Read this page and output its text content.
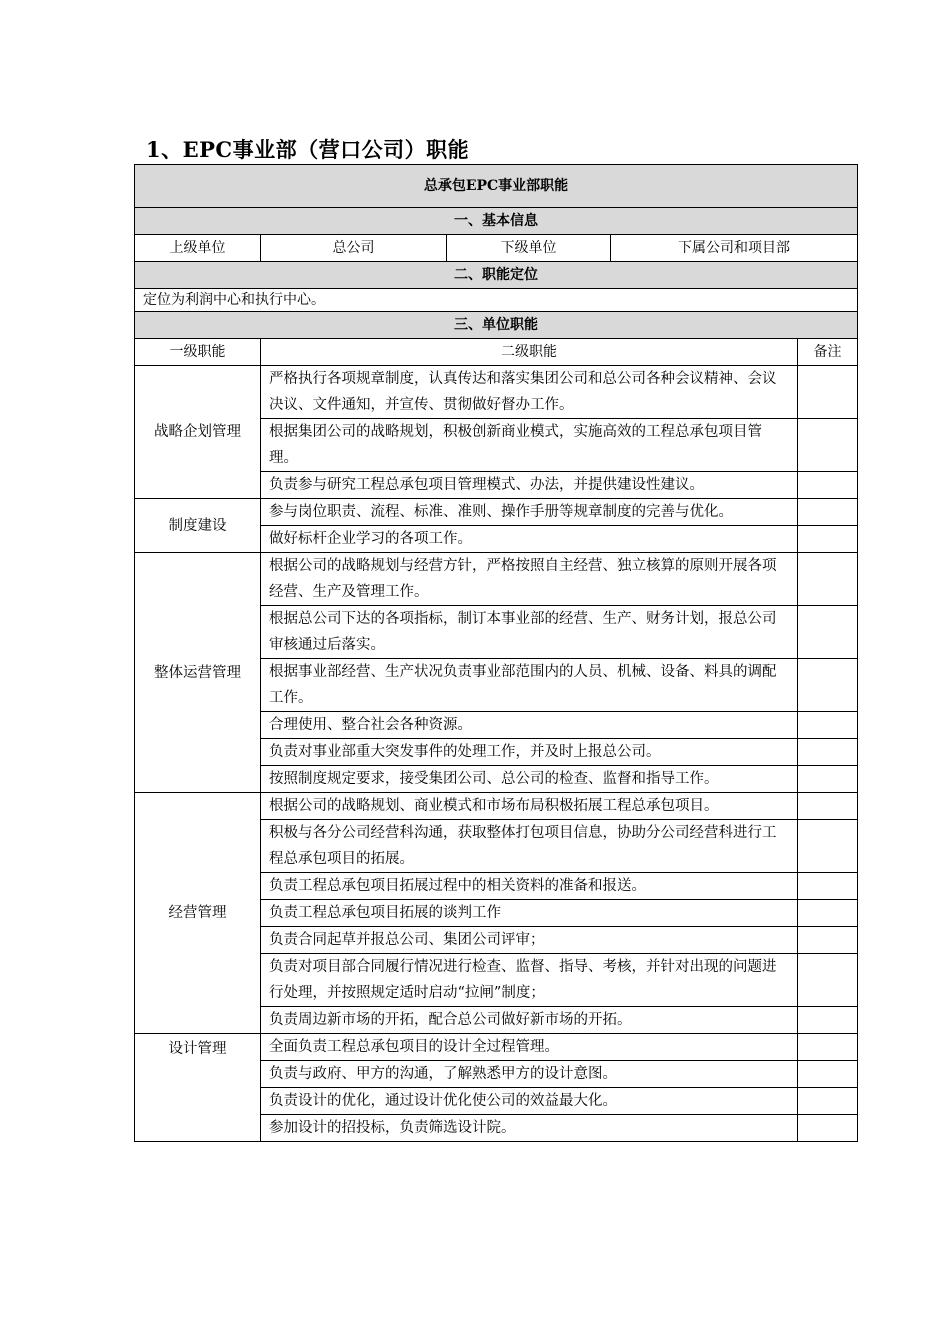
1、EPC事业部（营口公司）职能
总承包EPC事业部职能				
一、基本信息				
上级单位	总公司	下级单位	下属公司和项目部	
二、职能定位				
定位为利润中心和执行中心。				
三、单位职能				
一级职能	二级职能			备注
战略企划管理	严格执行各项规章制度，认真传达和落实集团公司和总公司各种会议精神、会议决议、文件通知，并宣传、贯彻做好督办工作。			
	根据集团公司的战略规划，积极创新商业模式，实施高效的工程总承包项目管理。			
	负责参与研究工程总承包项目管理模式、办法，并提供建设性建议。			
制度建设	参与岗位职责、流程、标准、准则、操作手册等规章制度的完善与优化。			
	做好标杆企业学习的各项工作。			
整体运营管理	根据公司的战略规划与经营方针，严格按照自主经营、独立核算的原则开展各项经营、生产及管理工作。			
	根据总公司下达的各项指标，制订本事业部的经营、生产、财务计划，报总公司审核通过后落实。			
	根据事业部经营、生产状况负责事业部范围内的人员、机械、设备、料具的调配工作。			
	合理使用、整合社会各种资源。			
	负责对事业部重大突发事件的处理工作，并及时上报总公司。			
	按照制度规定要求，接受集团公司、总公司的检查、监督和指导工作。			
经营管理	根据公司的战略规划、商业模式和市场布局积极拓展工程总承包项目。			
	积极与各分公司经营科沟通，获取整体打包项目信息，协助分公司经营科进行工程总承包项目的拓展。			
	负责工程总承包项目拓展过程中的相关资料的准备和报送。			
	负责工程总承包项目拓展的谈判工作			
	负责合同起草并报总公司、集团公司评审；			
	负责对项目部合同履行情况进行检查、监督、指导、考核，并针对出现的问题进行处理，并按照规定适时启动“拉闸”制度；			
	负责周边新市场的开拓，配合总公司做好新市场的开拓。			
设计管理	全面负责工程总承包项目的设计全过程管理。			
	负责与政府、甲方的沟通，了解熟悉甲方的设计意图。			
	负责设计的优化，通过设计优化使公司的效益最大化。			
	参加设计的招投标，负责筛选设计院。			
